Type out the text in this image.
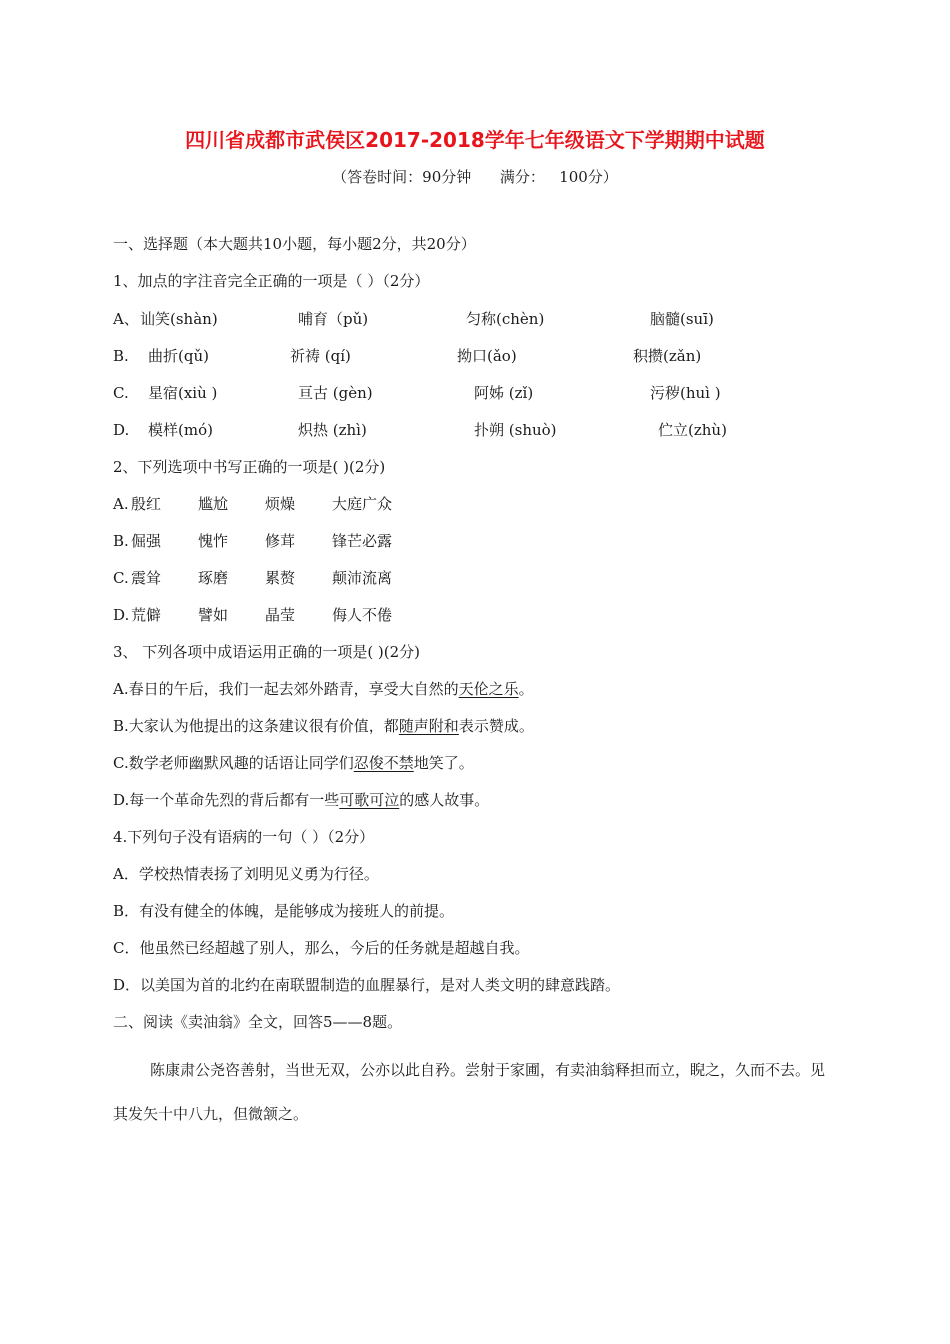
四川省成都市武侯区2017-2018学年七年级语文下学期期中试题
（答卷时间：90分钟      满分：   100分）
一、选择题（本大题共10小题，每小题2分，共20分）
1、加点的字注音完全正确的一项是（ ）（2分）
A、 讪笑(shàn)	哺育（pǔ)	匀称(chèn)	脑髓(suī)
B. 曲折(qǔ)	祈祷 (qí)	拗口(ǎo)	积攒(zǎn)
C. 星宿(xiù )	亘古 (gèn)	阿姊 (zǐ)	污秽(huì )
D. 模样(mó)	炽热 (zhì)	扑朔 (shuò)	伫立(zhù)
2、下列选项中书写正确的一项是( )(2分)
A. 殷红 尴尬 烦燥 大庭广众
B. 倔强 愧怍 修茸 锋芒必露
C. 震耸 琢磨 累赘 颠沛流离
D. 荒僻 譬如 晶莹 侮人不倦
3、 下列各项中成语运用正确的一项是( )(2分)
A.春日的午后，我们一起去郊外踏青，享受大自然的天伦之乐。
B.大家认为他提出的这条建议很有价值，都随声附和表示赞成。
C.数学老师幽默风趣的话语让同学们忍俊不禁地笑了。
D.每一个革命先烈的背后都有一些可歌可泣的感人故事。
4.下列句子没有语病的一句（ ）（2分）
A．学校热情表扬了刘明见义勇为行径。
B．有没有健全的体魄，是能够成为接班人的前提。
C．他虽然已经超越了别人，那么，今后的任务就是超越自我。
D．以美国为首的北约在南联盟制造的血腥暴行，是对人类文明的肆意践踏。
二、阅读《卖油翁》全文，回答5——8题。
陈康肃公尧咨善射，当世无双，公亦以此自矜。尝射于家圃，有卖油翁释担而立，睨之，久而不去。见其发矢十中八九，但微颔之。
